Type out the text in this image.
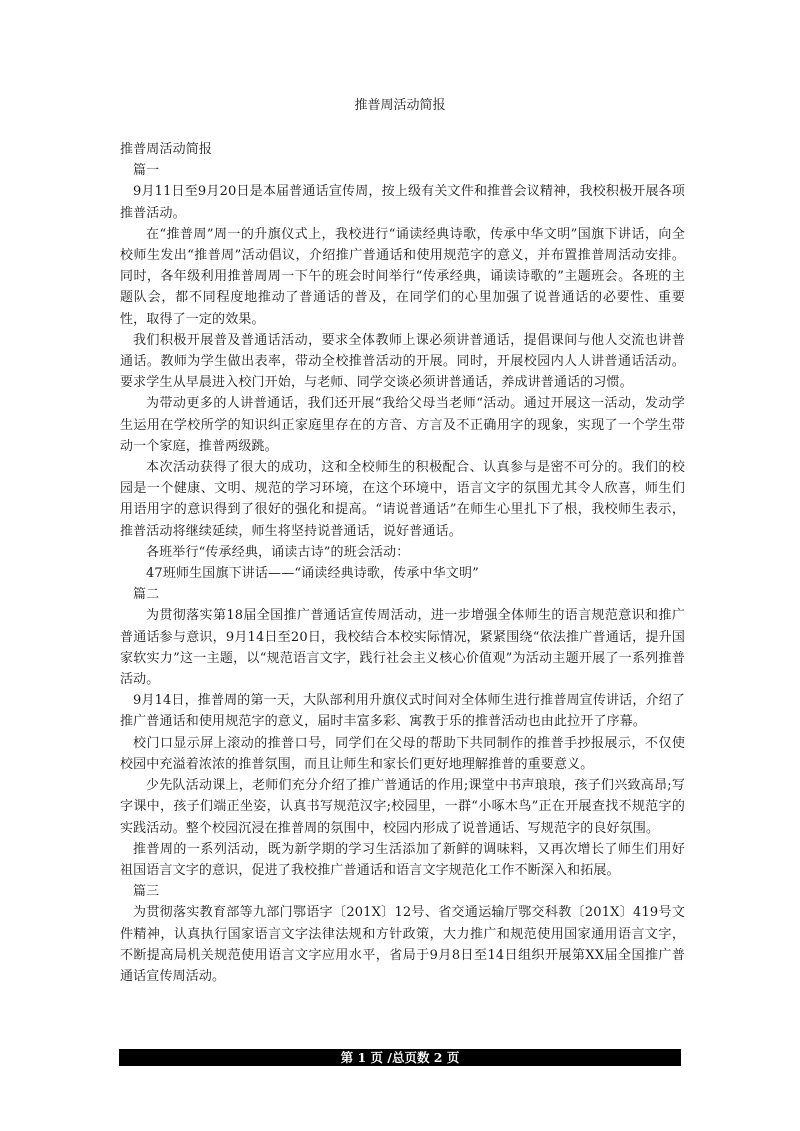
推普周活动简报

推普周活动简报

篇一

9月11日至9月20日是本届普通话宣传周，按上级有关文件和推普会议精神，我校积极开展各项推普活动。

在“推普周”周一的升旗仪式上，我校进行“诵读经典诗歌，传承中华文明”国旗下讲话，向全校师生发出“推普周”活动倡议，介绍推广普通话和使用规范字的意义，并布置推普周活动安排。同时，各年级利用推普周周一下午的班会时间举行“传承经典，诵读诗歌的”主题班会。各班的主题队会，都不同程度地推动了普通话的普及，在同学们的心里加强了说普通话的必要性、重要性，取得了一定的效果。

我们积极开展普及普通话活动，要求全体教师上课必须讲普通话，提倡课间与他人交流也讲普通话。教师为学生做出表率，带动全校推普活动的开展。同时，开展校园内人人讲普通话活动。要求学生从早晨进入校门开始，与老师、同学交谈必须讲普通话，养成讲普通话的习惯。

为带动更多的人讲普通话，我们还开展“我给父母当老师“活动。通过开展这一活动，发动学生运用在学校所学的知识纠正家庭里存在的方音、方言及不正确用字的现象，实现了一个学生带动一个家庭，推普两级跳。

本次活动获得了很大的成功，这和全校师生的积极配合、认真参与是密不可分的。我们的校园是一个健康、文明、规范的学习环境，在这个环境中，语言文字的氛围尤其令人欣喜，师生们用语用字的意识得到了很好的强化和提高。“请说普通话”在师生心里扎下了根，我校师生表示，推普活动将继续延续，师生将坚持说普通话，说好普通话。

各班举行“传承经典，诵读古诗”的班会活动：

47班师生国旗下讲话——“诵读经典诗歌，传承中华文明”

篇二

为贯彻落实第18届全国推广普通话宣传周活动，进一步增强全体师生的语言规范意识和推广普通话参与意识，9月14日至20日，我校结合本校实际情况，紧紧围绕“依法推广普通话，提升国家软实力”这一主题，以“规范语言文字，践行社会主义核心价值观”为活动主题开展了一系列推普活动。

9月14日，推普周的第一天，大队部利用升旗仪式时间对全体师生进行推普周宣传讲话，介绍了推广普通话和使用规范字的意义，届时丰富多彩、寓教于乐的推普活动也由此拉开了序幕。

校门口显示屏上滚动的推普口号，同学们在父母的帮助下共同制作的推普手抄报展示，不仅使校园中充溢着浓浓的推普氛围，而且让师生和家长们更好地理解推普的重要意义。

少先队活动课上，老师们充分介绍了推广普通话的作用;课堂中书声琅琅，孩子们兴致高昂;写字课中，孩子们端正坐姿，认真书写规范汉字;校园里，一群“小啄木鸟”正在开展查找不规范字的实践活动。整个校园沉浸在推普周的氛围中，校园内形成了说普通话、写规范字的良好氛围。

推普周的一系列活动，既为新学期的学习生活添加了新鲜的调味料，又再次增长了师生们用好祖国语言文字的意识，促进了我校推广普通话和语言文字规范化工作不断深入和拓展。

篇三

为贯彻落实教育部等九部门鄂语字〔201X〕12号、省交通运输厅鄂交科教〔201X〕419号文件精神，认真执行国家语言文字法律法规和方针政策，大力推广和规范使用国家通用语言文字，不断提高局机关规范使用语言文字应用水平，省局于9月8日至14日组织开展第XX届全国推广普通话宣传周活动。

第 1 页 /总页数 2 页
